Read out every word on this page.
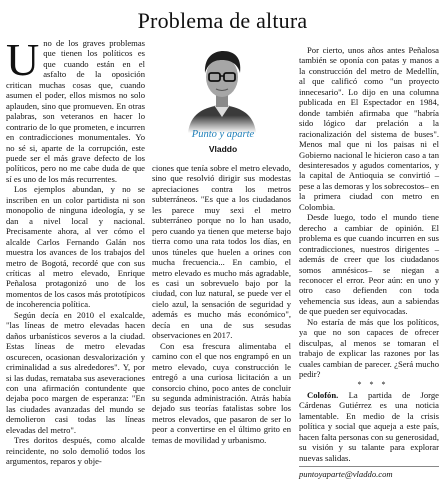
Problema de altura

Uno de los graves problemas que tienen los políticos es que cuando están en el asfalto de la oposición critican muchas cosas que, cuando asumen el poder, ellos mismos no solo aplauden, sino que promueven. En otras palabras, son veteranos en hacer lo contrario de lo que prometen, e incurren en contradicciones monumentales. Yo no sé si, aparte de la corrupción, este puede ser el más grave defecto de los políticos, pero no me cabe duda de que sí es uno de los más recurrentes.

Los ejemplos abundan, y no se inscriben en un color partidista ni son monopolio de ninguna ideología, y se dan a nivel local y nacional. Precisamente ahora, al ver cómo el alcalde Carlos Fernando Galán nos muestra los avances de los trabajos del metro de Bogotá, recordé que con sus críticas al metro elevado, Enrique Peñalosa protagonizó uno de los momentos de los casos más prototípicos de incoherencia política.

Según decía en 2010 el exalcalde, "las líneas de metro elevadas hacen daños urbanísticos severos a la ciudad. Estas líneas de metro elevadas oscurecen, ocasionan desvalorización y criminalidad a sus alrededores". Y, por si las dudas, remataba sus aseveraciones con una afirmación contundente que dejaba poco margen de esperanza: "En las ciudades avanzadas del mundo se demolieron casi todas las líneas elevadas del metro".

Tres doritos después, como alcalde reincidente, no solo demolió todos los argumentos, reparos y obje-

Punto y aparte
Vladdo

ciones que tenía sobre el metro elevado, sino que resolvió dirigir sus modestas apreciaciones contra los metros subterráneos. "Es que a los ciudadanos les parece muy sexi el metro subterráneo porque no lo han usado, pero cuando ya tienen que meterse bajo tierra como una rata todos los días, en unos túneles que huelen a orines con mucha frecuencia... En cambio, el metro elevado es mucho más agradable, es casi un sobrevuelo bajo por la ciudad, con luz natural, se puede ver el cielo azul, la sensación de seguridad y además es mucho más económico", decía en una de sus sesudas observaciones en 2017.

Con esa frescura alimentaba el camino con el que nos engrampó en un metro elevado, cuya construcción le entregó a una curiosa licitación a un consorcio chino, poco antes de concluir su segunda administración. Atrás había dejado sus teorías fatalistas sobre los metros elevados, que pasaron de ser lo peor a convertirse en el último grito en temas de movilidad y urbanismo.

Por cierto, unos años antes Peñalosa también se oponía con patas y manos a la construcción del metro de Medellín, al que calificó como "un proyecto innecesario". Lo dijo en una columna publicada en El Espectador en 1984, donde también afirmaba que "habría sido lógico dar prelación a la racionalización del sistema de buses". Menos mal que ni los paisas ni el Gobierno nacional le hicieron caso a tan desinteresados y agudos comentarios, y la capital de Antioquia se convirtió –pese a las demoras y los sobrecostos– en la primera ciudad con metro en Colombia.

Desde luego, todo el mundo tiene derecho a cambiar de opinión. El problema es que cuando incurren en sus contradicciones, nuestros dirigentes –además de creer que los ciudadanos somos amnésicos– se niegan a reconocer el error. Peor aún: en uno y otro caso defienden con toda vehemencia sus ideas, aun a sabiendas de que pueden ser equivocadas.

No estaría de más que los políticos, ya que no son capaces de ofrecer disculpas, al menos se tomaran el trabajo de explicar las razones por las cuales cambian de parecer. ¿Será mucho pedir?

* * *

Colofón. La partida de Jorge Cárdenas Gutiérrez es una noticia lamentable. En medio de la crisis política y social que aqueja a este país, hacen falta personas con su generosidad, su visión y su talante para explorar nuevas salidas.

puntoyaparte@vladdo.com
